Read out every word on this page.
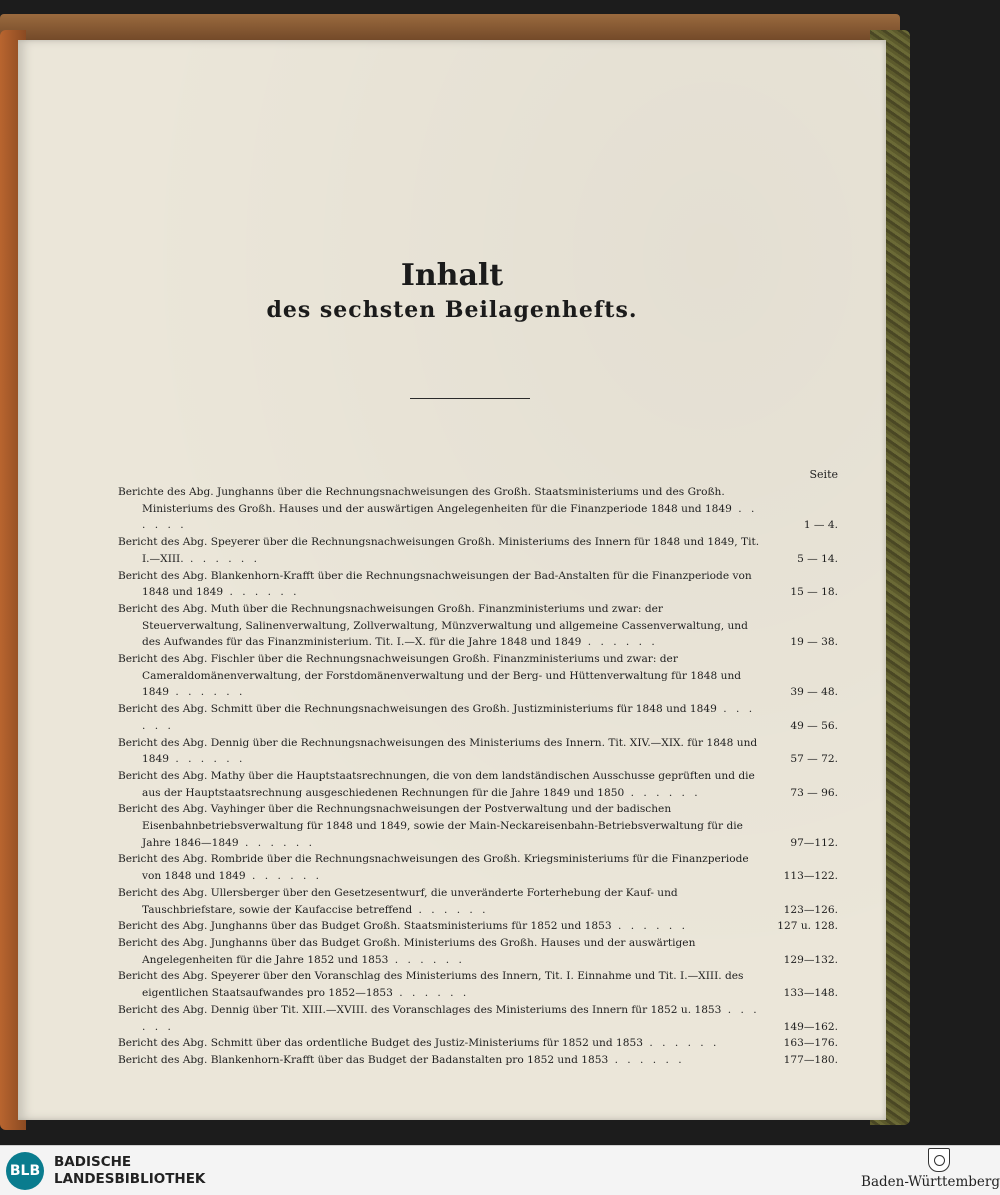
Inhalt
des sechsten Beilagenhefts.
Seite
Berichte des Abg. Junghanns über die Rechnungsnachweisungen des Großh. Staatsministeriums und des Großh. Ministeriums des Großh. Hauses und der auswärtigen Angelegenheiten für die Finanzperiode 1848 und 1849 . . . . . .	1 — 4.
Bericht des Abg. Speyerer über die Rechnungsnachweisungen Großh. Ministeriums des Innern für 1848 und 1849, Tit. I.—XIII. . . . . . .	5 — 14.
Bericht des Abg. Blankenhorn-Krafft über die Rechnungsnachweisungen der Bad-Anstalten für die Finanzperiode von 1848 und 1849 . . . . . .	15 — 18.
Bericht des Abg. Muth über die Rechnungsnachweisungen Großh. Finanzministeriums und zwar: der Steuerverwaltung, Salinenverwaltung, Zollverwaltung, Münzverwaltung und allgemeine Cassenverwaltung, und des Aufwandes für das Finanzministerium. Tit. I.—X. für die Jahre 1848 und 1849 . . . . . .	19 — 38.
Bericht des Abg. Fischler über die Rechnungsnachweisungen Großh. Finanzministeriums und zwar: der Cameraldomänenverwaltung, der Forstdomänenverwaltung und der Berg- und Hüttenverwaltung für 1848 und 1849 . . . . . .	39 — 48.
Bericht des Abg. Schmitt über die Rechnungsnachweisungen des Großh. Justizministeriums für 1848 und 1849 . . . . . .	49 — 56.
Bericht des Abg. Dennig über die Rechnungsnachweisungen des Ministeriums des Innern. Tit. XIV.—XIX. für 1848 und 1849 . . . . . .	57 — 72.
Bericht des Abg. Mathy über die Hauptstaatsrechnungen, die von dem landständischen Ausschusse geprüften und die aus der Hauptstaatsrechnung ausgeschiedenen Rechnungen für die Jahre 1849 und 1850 . . . . . .	73 — 96.
Bericht des Abg. Vayhinger über die Rechnungsnachweisungen der Postverwaltung und der badischen Eisenbahnbetriebsverwaltung für 1848 und 1849, sowie der Main-Neckareisenbahn-Betriebsverwaltung für die Jahre 1846—1849 . . . . . .	97—112.
Bericht des Abg. Rombride über die Rechnungsnachweisungen des Großh. Kriegsministeriums für die Finanzperiode von 1848 und 1849 . . . . . .	113—122.
Bericht des Abg. Ullersberger über den Gesetzesentwurf, die unveränderte Forterhebung der Kauf- und Tauschbriefstare, sowie der Kaufaccise betreffend . . . . . .	123—126.
Bericht des Abg. Junghanns über das Budget Großh. Staatsministeriums für 1852 und 1853 . . . . . .	127 u. 128.
Bericht des Abg. Junghanns über das Budget Großh. Ministeriums des Großh. Hauses und der auswärtigen Angelegenheiten für die Jahre 1852 und 1853 . . . . . .	129—132.
Bericht des Abg. Speyerer über den Voranschlag des Ministeriums des Innern, Tit. I. Einnahme und Tit. I.—XIII. des eigentlichen Staatsaufwandes pro 1852—1853 . . . . . .	133—148.
Bericht des Abg. Dennig über Tit. XIII.—XVIII. des Voranschlages des Ministeriums des Innern für 1852 u. 1853 . . . . . .	149—162.
Bericht des Abg. Schmitt über das ordentliche Budget des Justiz-Ministeriums für 1852 und 1853 . . . . . .	163—176.
Bericht des Abg. Blankenhorn-Krafft über das Budget der Badanstalten pro 1852 und 1853 . . . . . .	177—180.
BLB
BADISCHE
LANDESBIBLIOTHEK	Baden-Württemberg
